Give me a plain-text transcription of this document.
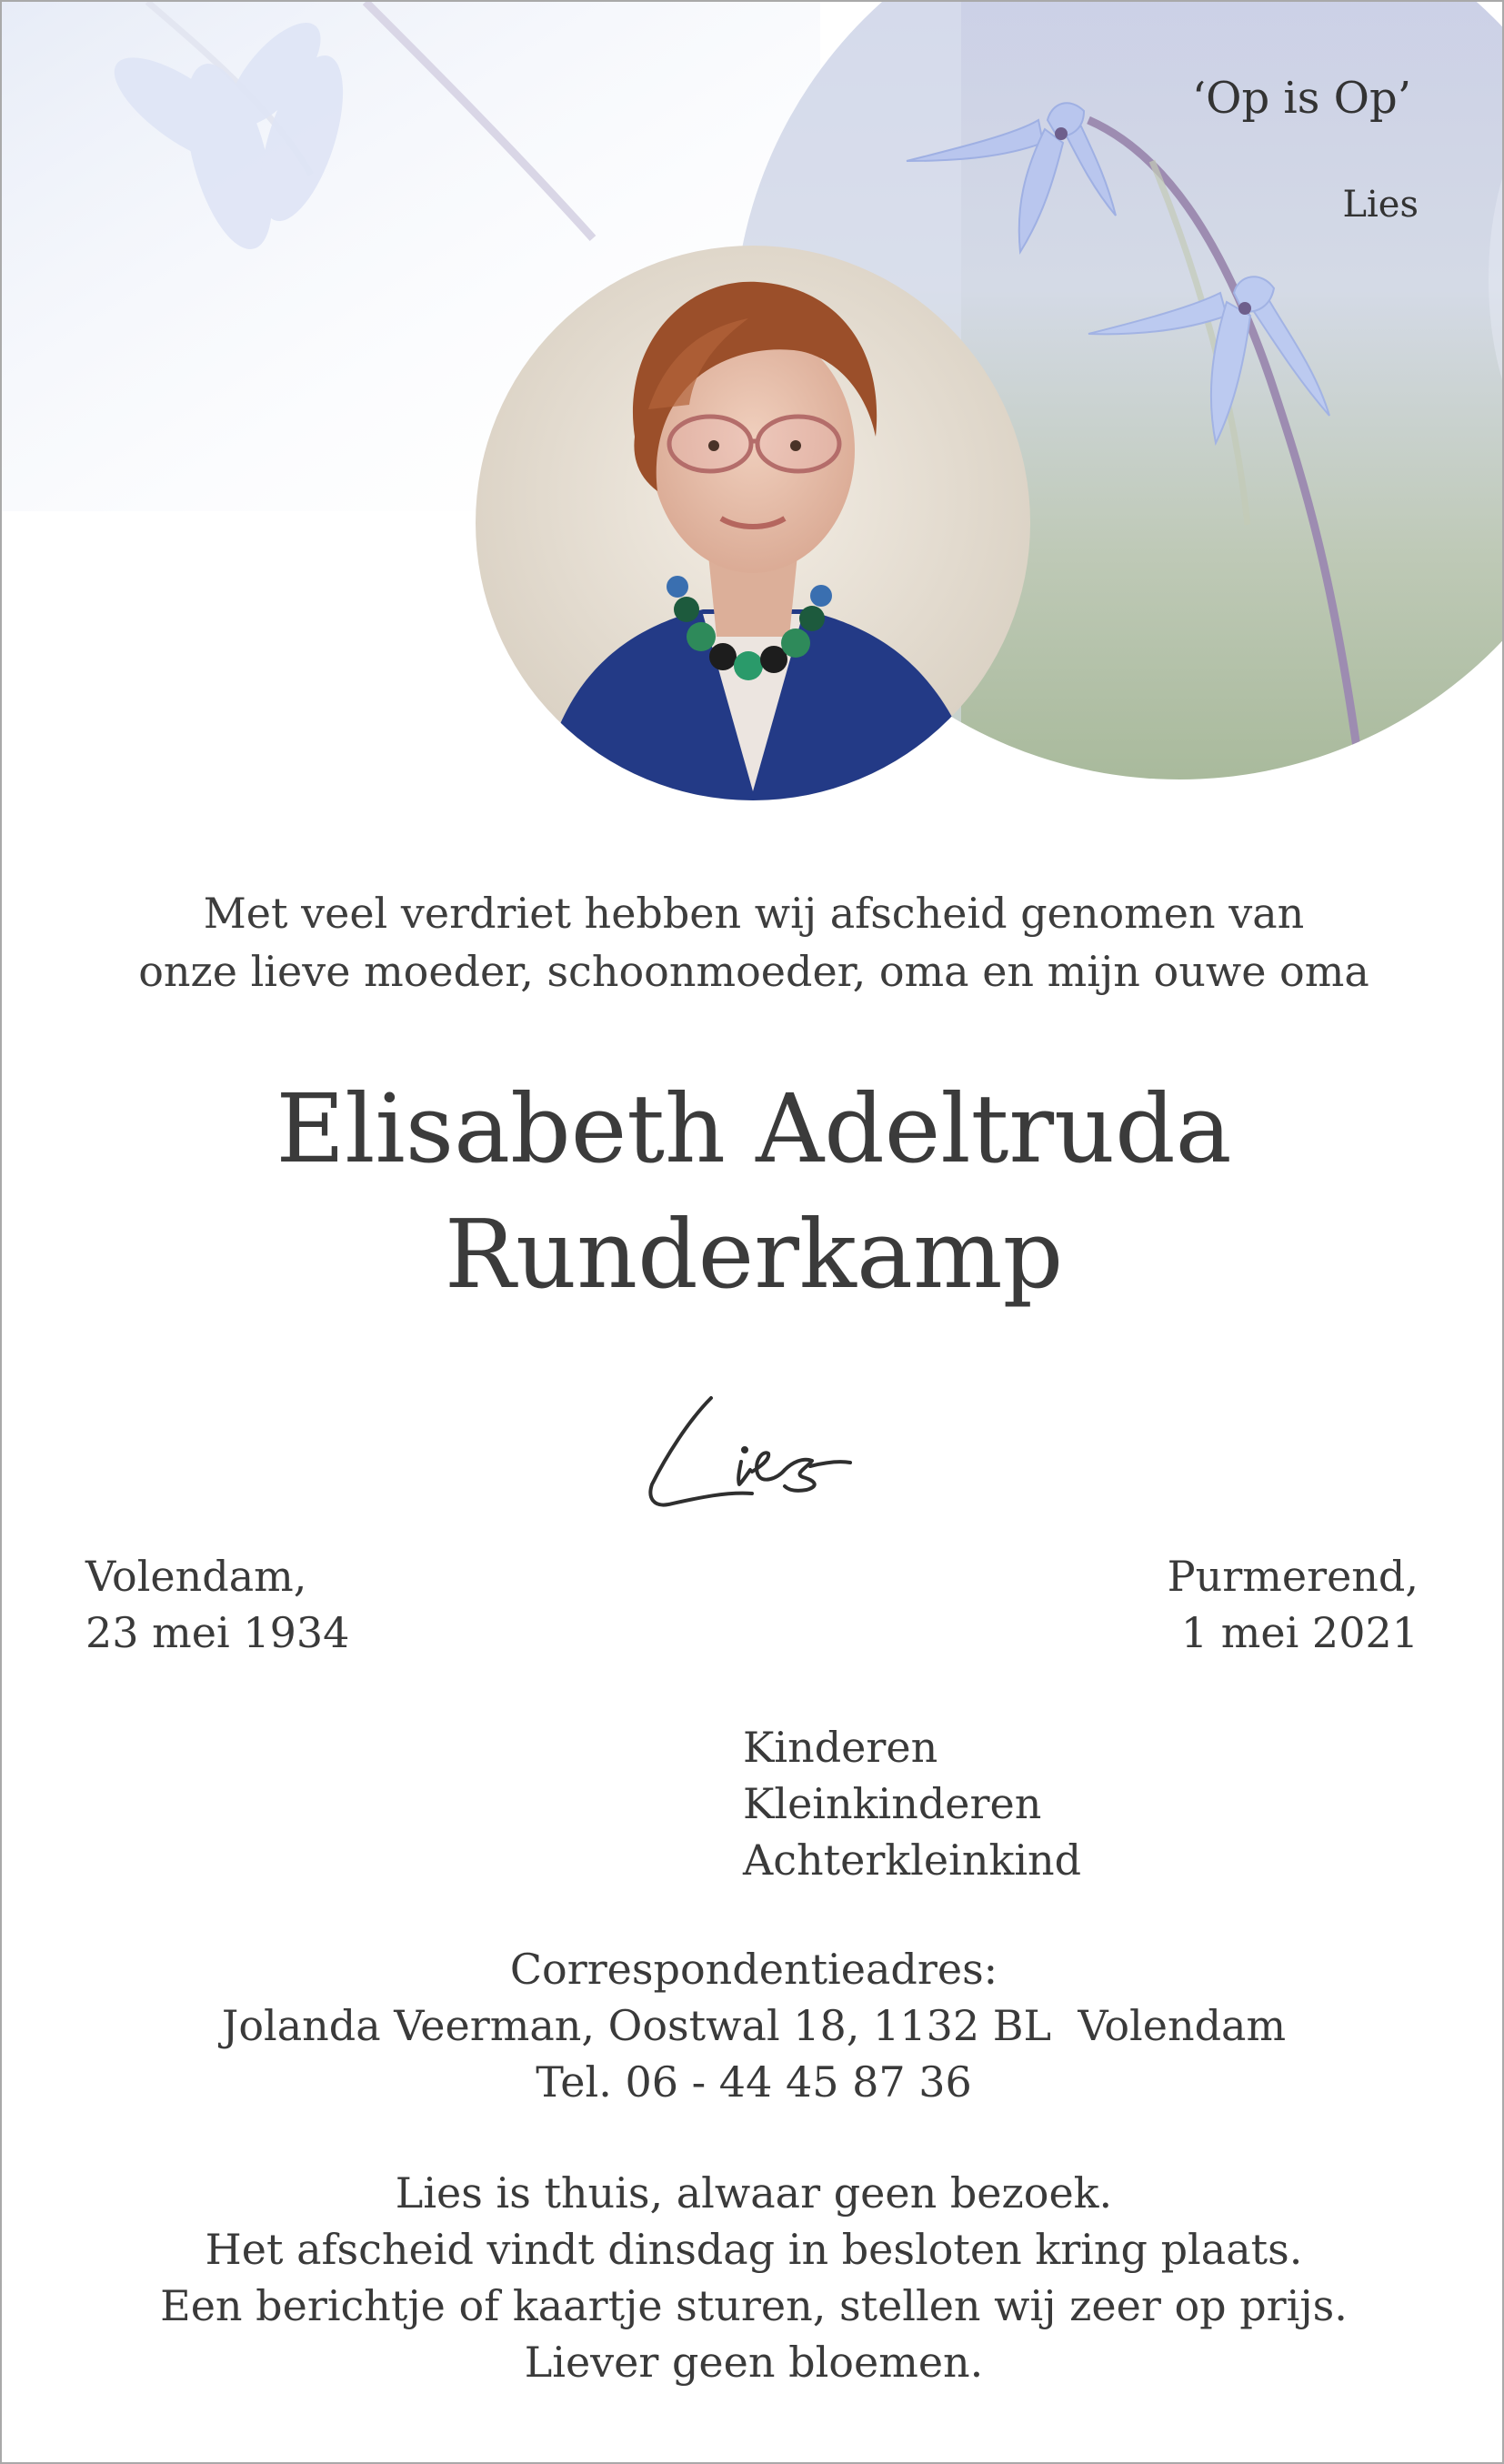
‘Op is Op’
Lies
Met veel verdriet hebben wij afscheid genomen van
onze lieve moeder, schoonmoeder, oma en mijn ouwe oma
Elisabeth Adeltruda
Runderkamp
Volendam,
23 mei 1934
Purmerend,
1 mei 2021
Kinderen
Kleinkinderen
Achterkleinkind
Correspondentieadres:
Jolanda Veerman, Oostwal 18, 1132 BL  Volendam
Tel. 06 - 44 45 87 36
Lies is thuis, alwaar geen bezoek.
Het afscheid vindt dinsdag in besloten kring plaats.
Een berichtje of kaartje sturen, stellen wij zeer op prijs.
Liever geen bloemen.
